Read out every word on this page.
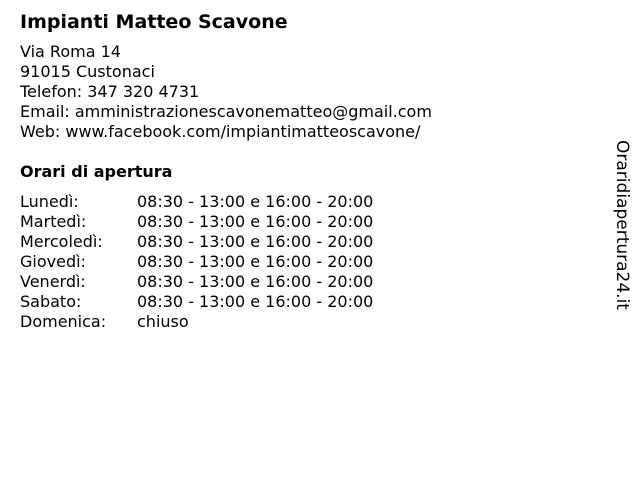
Impianti Matteo Scavone
Via Roma 14
91015 Custonaci
Telefon: 347 320 4731
Email: amministrazionescavonematteo@gmail.com
Web: www.facebook.com/impiantimatteoscavone/
Orari di apertura
Lunedì:	08:30 - 13:00 e 16:00 - 20:00
Martedì:	08:30 - 13:00 e 16:00 - 20:00
Mercoledì:	08:30 - 13:00 e 16:00 - 20:00
Giovedì:	08:30 - 13:00 e 16:00 - 20:00
Venerdì:	08:30 - 13:00 e 16:00 - 20:00
Sabato:	08:30 - 13:00 e 16:00 - 20:00
Domenica:	chiuso
Oraridiapertura24.it
